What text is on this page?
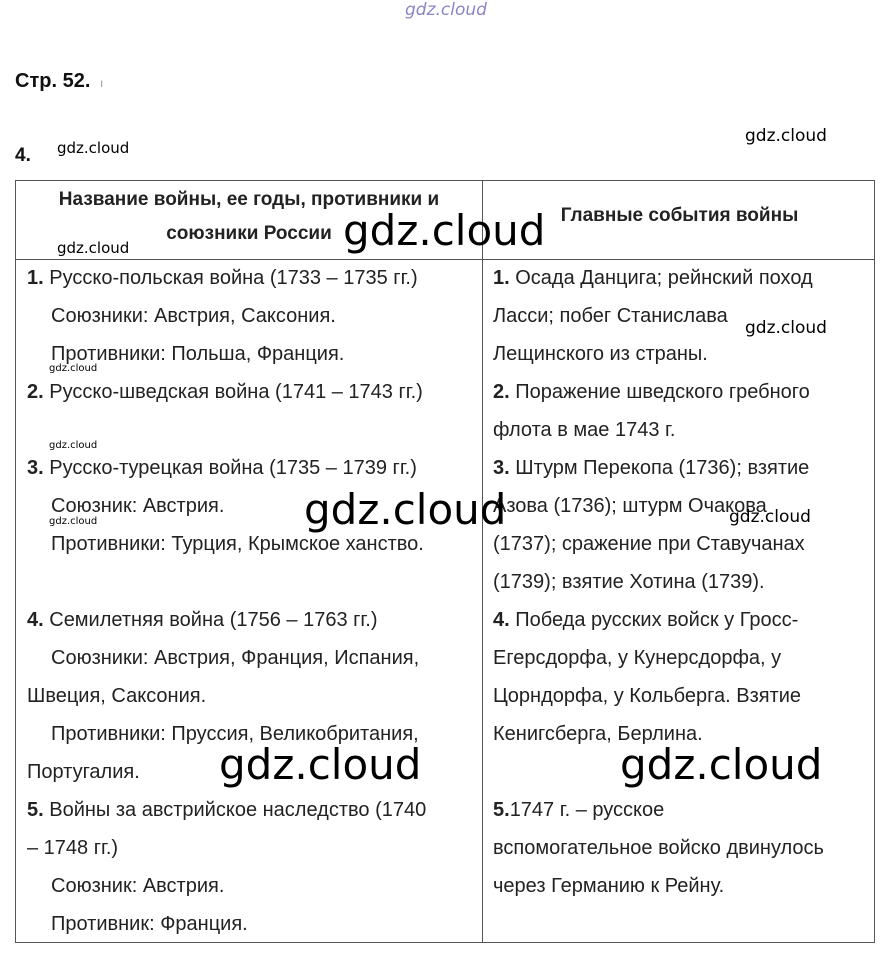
gdz.cloud
gdz.cloud
gdz.cloud
gdz.cloud
Стр. 52. ı
4.
Название войны, ее годы, противники и
союзники России
Главные события войны
1. Русско-польская война (1733 – 1735 гг.)
Союзники: Австрия, Саксония.
Противники: Польша, Франция.
2. Русско-шведская война (1741 – 1743 гг.)
3. Русско-турецкая война (1735 – 1739 гг.)
Союзник: Австрия.
Противники: Турция, Крымское ханство.
4. Семилетняя война (1756 – 1763 гг.)
Союзники: Австрия, Франция, Испания,
Швеция, Саксония.
Противники: Пруссия, Великобритания,
Португалия.
5. Войны за австрийское наследство (1740
– 1748 гг.)
Союзник: Австрия.
Противник: Франция.
1. Осада Данцига; рейнский поход
Ласси; побег Станислава
Лещинского из страны.
2. Поражение шведского гребного
флота в мае 1743 г.
3. Штурм Перекопа (1736); взятие
Азова (1736); штурм Очакова
(1737); сражение при Ставучанах
(1739); взятие Хотина (1739).
4. Победа русских войск у Гросс-
Егерсдорфа, у Кунерсдорфа, у
Цорндорфа, у Кольберга. Взятие
Кенигсберга, Берлина.
5.1747 г. – русское
вспомогательное войско двинулось
через Германию к Рейну.
gdz.cloud
gdz.cloud
gdz.cloud
gdz.cloud
gdz.cloud	gdz.cloud
gdz.cloud
gdz.cloud	gdz.cloud
